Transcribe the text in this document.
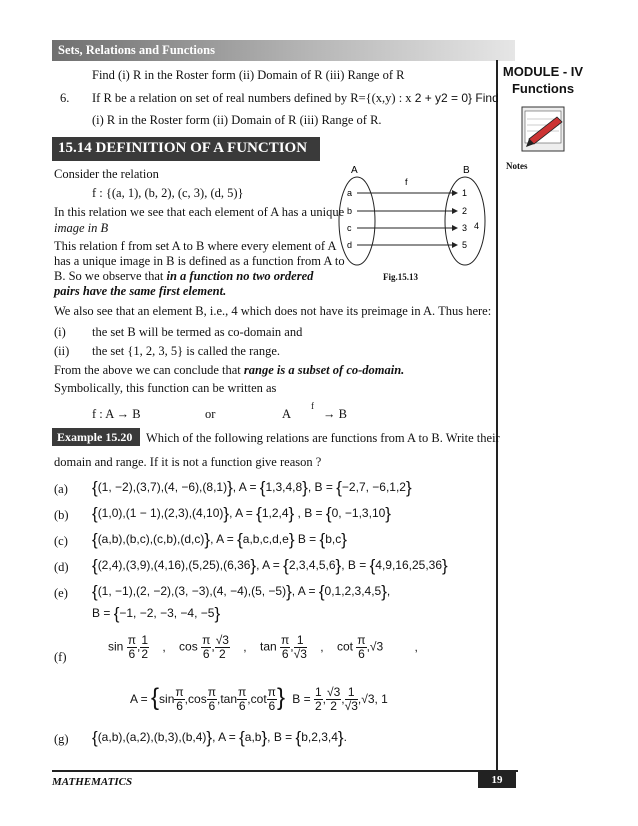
Sets, Relations and Functions
MODULE - IV
Functions
Notes
Find (i) R in the Roster form (ii) Domain of R (iii) Range of R
6. If R be a relation on set of real numbers defined by R={(x,y) : x 2 + y2 = 0} Find
(i) R in the Roster form (ii) Domain of R (iii) Range of R.
15.14 DEFINITION OF A FUNCTION
Consider the relation
f : {(a, 1), (b, 2), (c, 3), (d, 5)}
In this relation we see that each element of A has a unique
image in B
This relation f from set A to B where every element of A
has a unique image in B is defined as a function from A to
B. So we observe that in a function no two ordered
pairs have the same first element.
A	B
f
a
b
c
d
1
2
3
5
4
Fig.15.13
We also see that an element B, i.e., 4 which does not have its preimage in A. Thus here:
(i) the set B will be termed as co-domain and
(ii) the set {1, 2, 3, 5} is called the range.
From the above we can conclude that range is a subset of co-domain.
Symbolically, this function can be written as
f : A → B	or	A
f
→ B
Example 15.20 Which of the following relations are functions from A to B. Write their
domain and range. If it is not a function give reason ?
(a) {(1, −2),(3,7),(4, −6),(8,1)}, A = {1,3,4,8}, B = {−2,7, −6,1,2}
(b) {(1,0),(1 − 1),(2,3),(4,10)}, A = {1,2,4} , B = {0, −1,3,10}
(c) {(a,b),(b,c),(c,b),(d,c)}, A = {a,b,c,d,e} B = {b,c}
(d) {(2,4),(3,9),(4,16),(5,25),(6,36}, A = {2,3,4,5,6}, B = {4,9,16,25,36}
(e) {(1, −1),(2, −2),(3, −3),(4, −4),(5, −5)}, A = {0,1,2,3,4,5},
B = {−1, −2, −3, −4, −5}
(f)
$\sin \frac{\pi}{6}$ , $\frac{1}{2}$ , $\cos \frac{\pi}{6}$ , $\frac{√3}{2}$ , $\tan \frac{\pi}{6}$ , $\frac{1}{√3}$ , $\cot \frac{\pi}{6} ,√3$	,
$A = \{\sin \frac{\pi}{6} ,\cos \frac{\pi}{6} ,\tan \frac{\pi}{6} ,\cot \frac{\pi}{6}$ } $B = \frac{1}{2}$ , $\frac{√3}{2}$ , $\frac{1}{√3} ,√3$, 1
(g) {(a,b),(a,2),(b,3),(b,4)}, A = {a,b}, B = {b,2,3,4}.
MATHEMATICS	19
